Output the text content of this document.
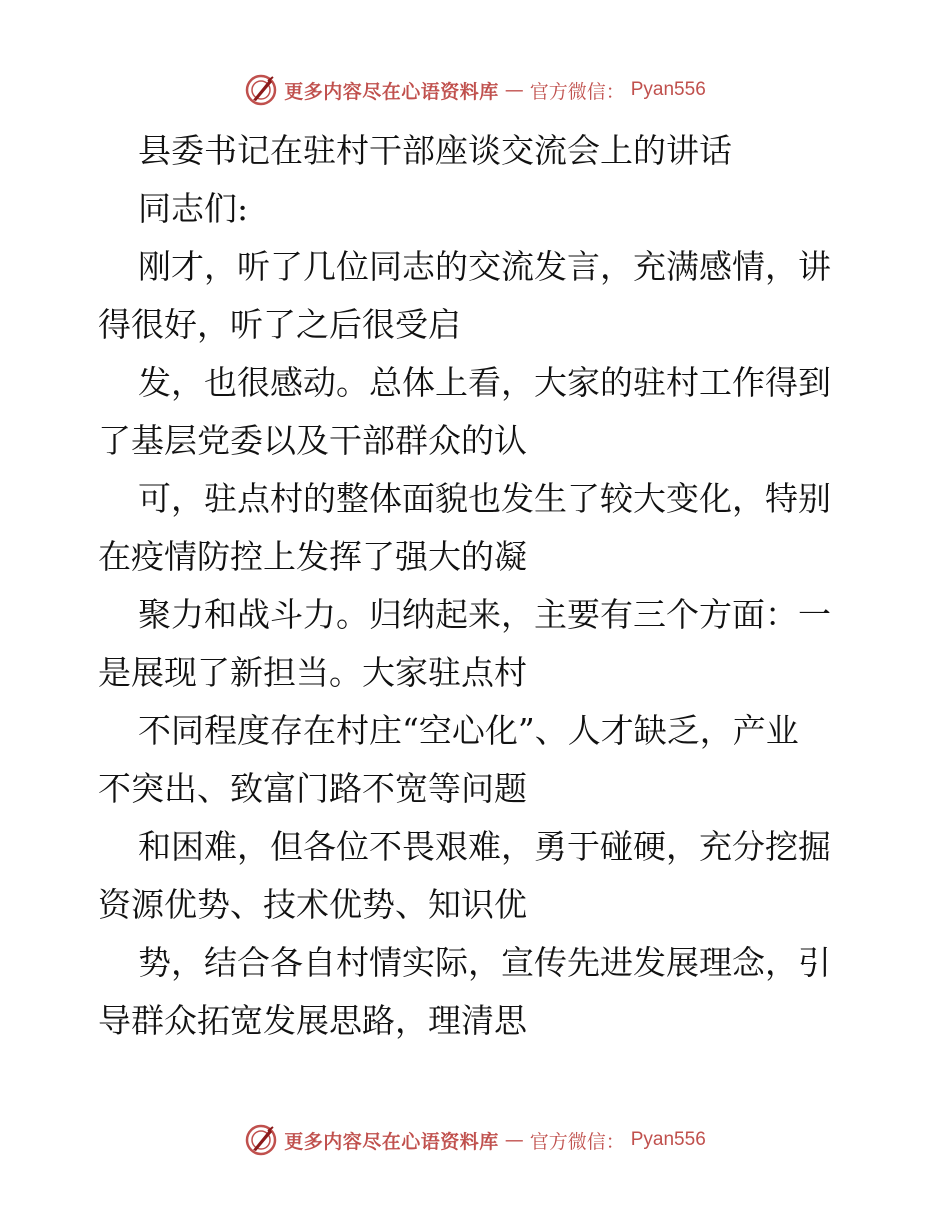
更多内容尽在心语资料库 — 官方微信： Pyan556
县委书记在驻村干部座谈交流会上的讲话
同志们:
刚才，听了几位同志的交流发言，充满感情，讲
得很好，听了之后很受启
发，也很感动。总体上看，大家的驻村工作得到
了基层党委以及干部群众的认
可，驻点村的整体面貌也发生了较大变化，特别
在疫情防控上发挥了强大的凝
聚力和战斗力。归纳起来，主要有三个方面：一
是展现了新担当。大家驻点村
不同程度存在村庄“空心化”、人才缺乏，产业
不突出、致富门路不宽等问题
和困难，但各位不畏艰难，勇于碰硬，充分挖掘
资源优势、技术优势、知识优
势，结合各自村情实际，宣传先进发展理念，引
导群众拓宽发展思路，理清思
更多内容尽在心语资料库 — 官方微信： Pyan556
